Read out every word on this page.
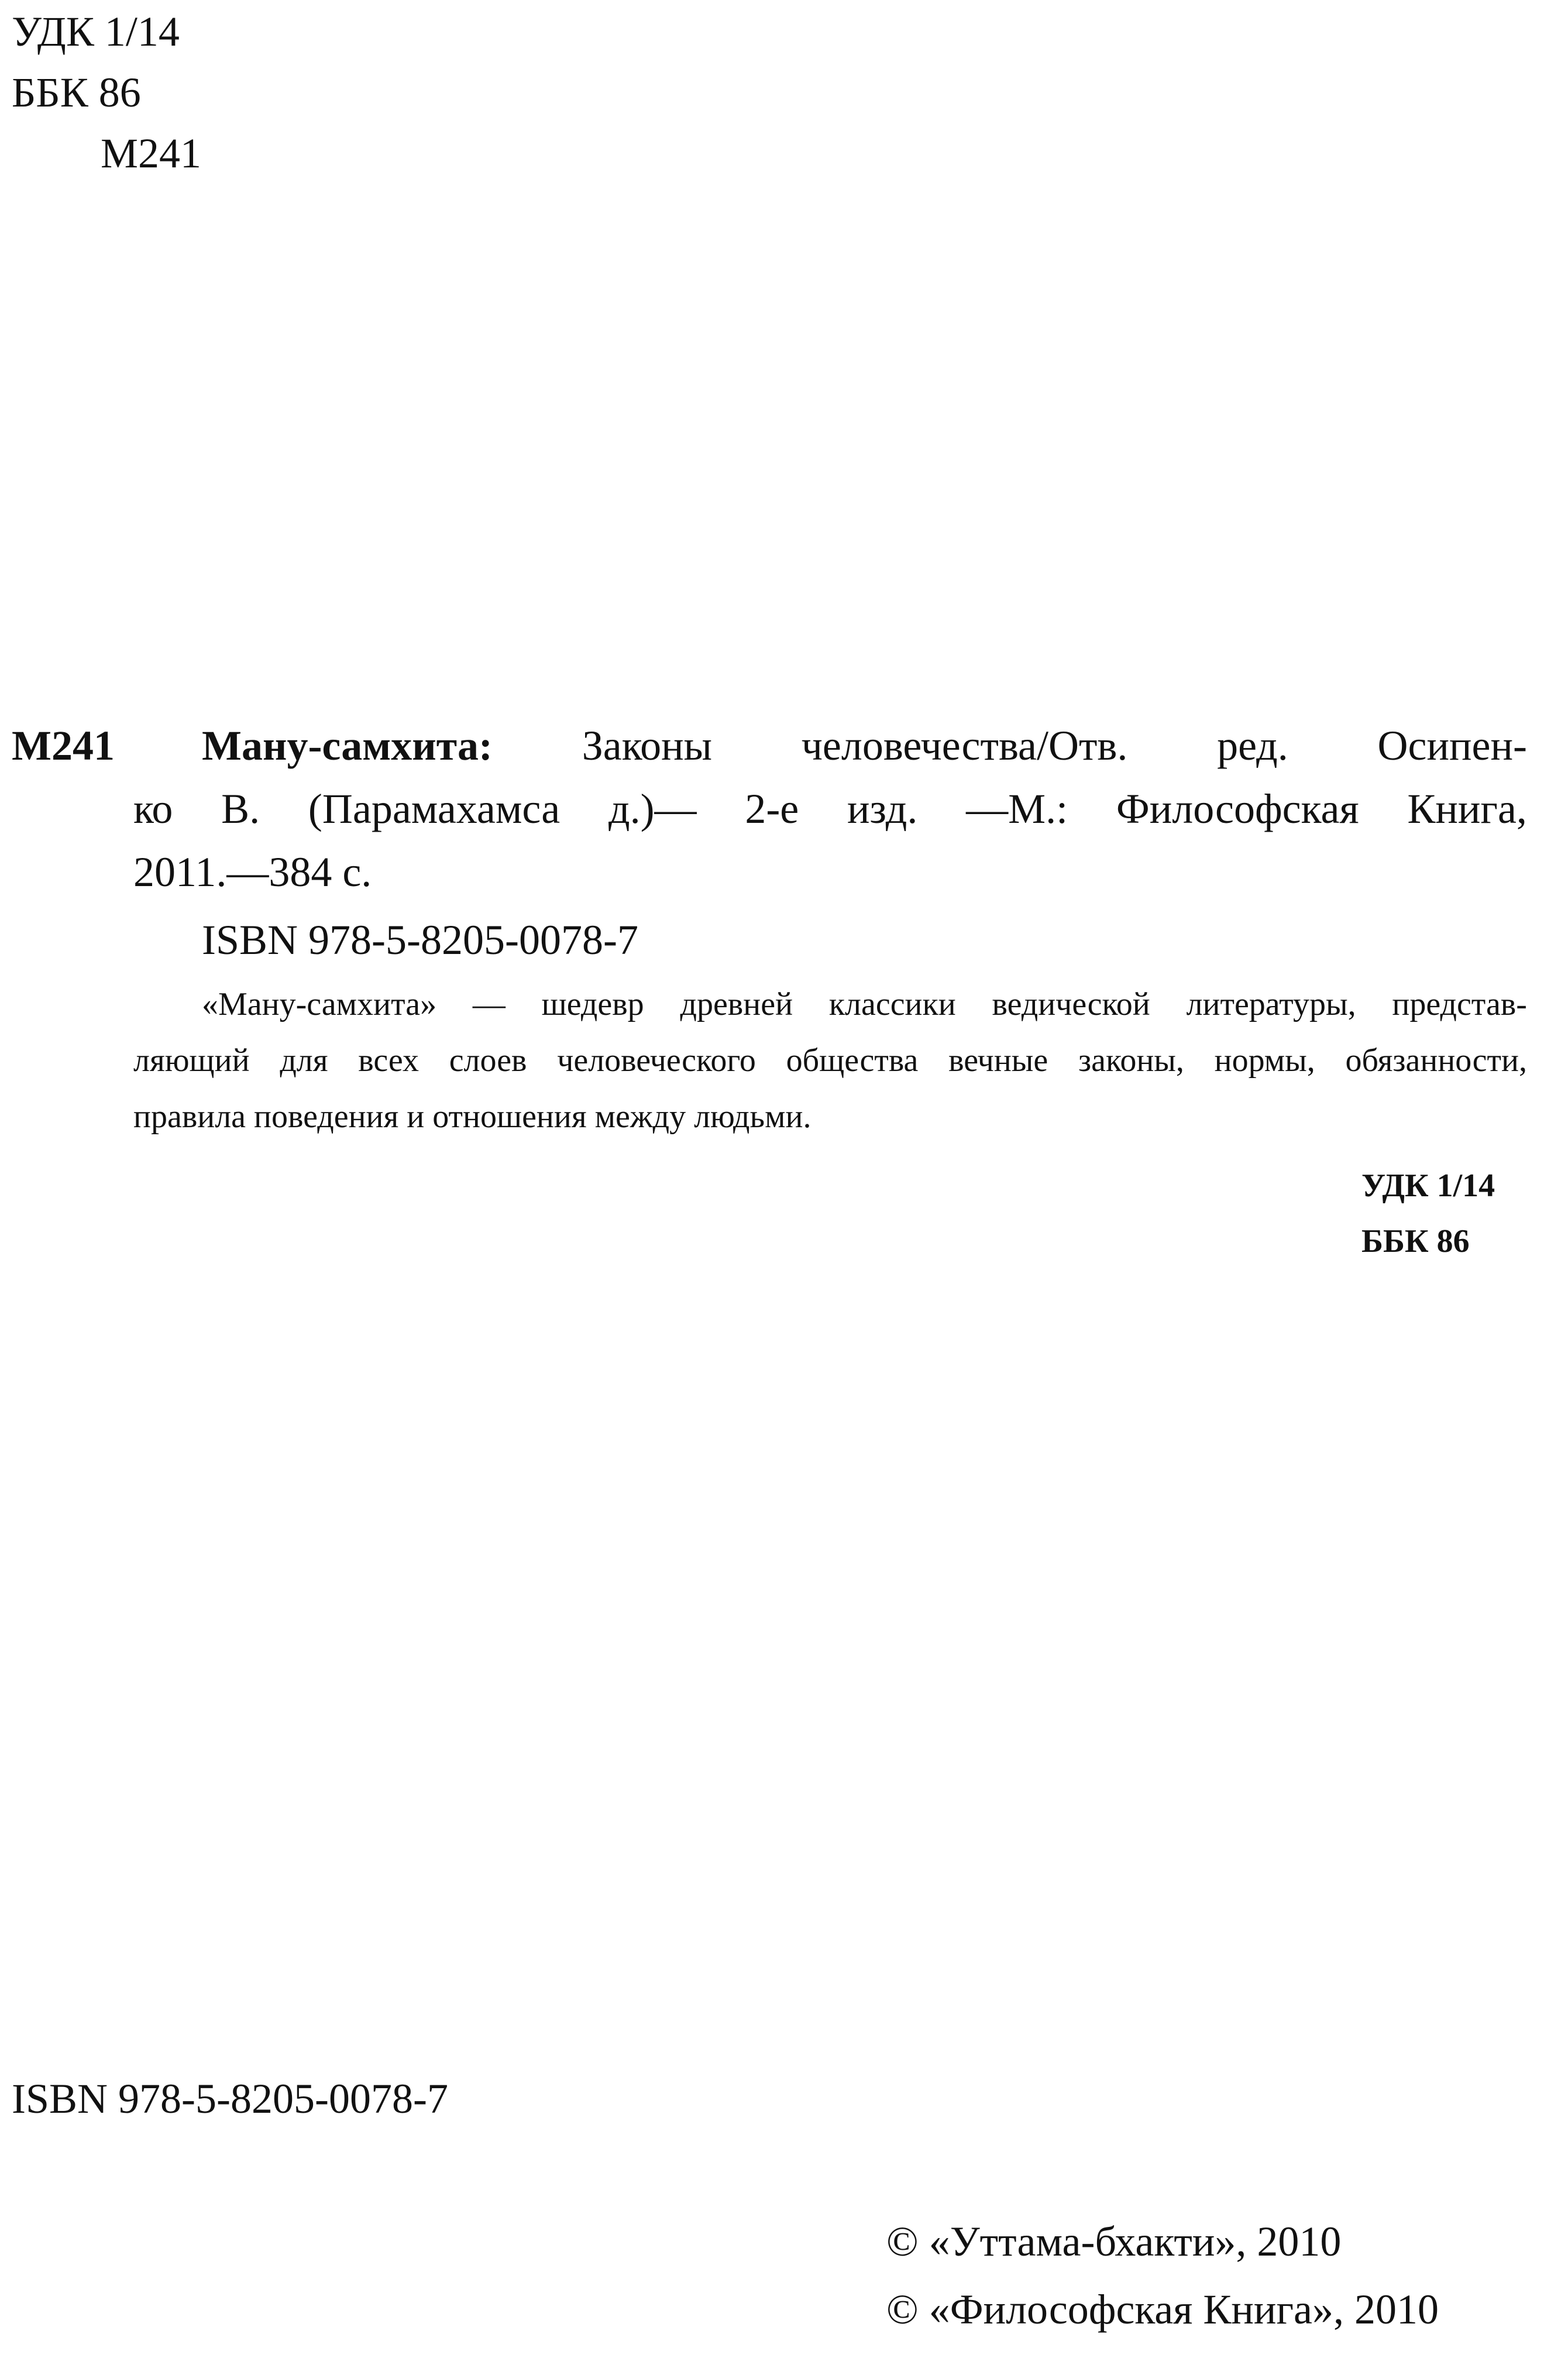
УДК 1/14
ББК 86
М241
М241 Ману-самхита: Законы человечества/Отв. ред. Осипен-
ко В. (Парамахамса д.)— 2-е изд. —М.: Философская Книга,
2011.—384 с.
ISBN 978-5-8205-0078-7
«Ману-самхита» — шедевр древней классики ведической литературы, представ-
ляющий для всех слоев человеческого общества вечные законы, нормы, обязанности,
правила поведения и отношения между людьми.
УДК 1/14
ББК 86
ISBN 978-5-8205-0078-7
© «Уттама-бхакти», 2010
© «Философская Книга», 2010
